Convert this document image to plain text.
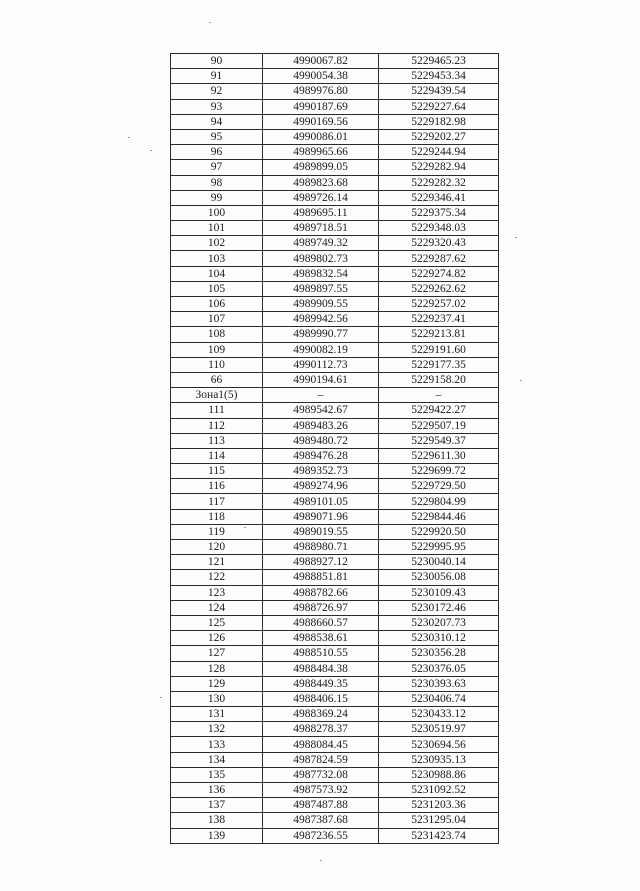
90	4990067.82	5229465.23
91	4990054.38	5229453.34
92	4989976.80	5229439.54
93	4990187.69	5229227.64
94	4990169.56	5229182.98
95	4990086.01	5229202.27
96	4989965.66	5229244.94
97	4989899.05	5229282.94
98	4989823.68	5229282.32
99	4989726.14	5229346.41
100	4989695.11	5229375.34
101	4989718.51	5229348.03
102	4989749.32	5229320.43
103	4989802.73	5229287.62
104	4989832.54	5229274.82
105	4989897.55	5229262.62
106	4989909.55	5229257.02
107	4989942.56	5229237.41
108	4989990.77	5229213.81
109	4990082.19	5229191.60
110	4990112.73	5229177.35
66	4990194.61	5229158.20
Зона1(5)	–	–
111	4989542.67	5229422.27
112	4989483.26	5229507.19
113	4989480.72	5229549.37
114	4989476.28	5229611.30
115	4989352.73	5229699.72
116	4989274.96	5229729.50
117	4989101.05	5229804.99
118	4989071.96	5229844.46
119	4989019.55	5229920.50
120	4988980.71	5229995.95
121	4988927.12	5230040.14
122	4988851.81	5230056.08
123	4988782.66	5230109.43
124	4988726.97	5230172.46
125	4988660.57	5230207.73
126	4988538.61	5230310.12
127	4988510.55	5230356.28
128	4988484.38	5230376.05
129	4988449.35	5230393.63
130	4988406.15	5230406.74
131	4988369.24	5230433.12
132	4988278.37	5230519.97
133	4988084.45	5230694.56
134	4987824.59	5230935.13
135	4987732.08	5230988.86
136	4987573.92	5231092.52
137	4987487.88	5231203.36
138	4987387.68	5231295.04
139	4987236.55	5231423.74
